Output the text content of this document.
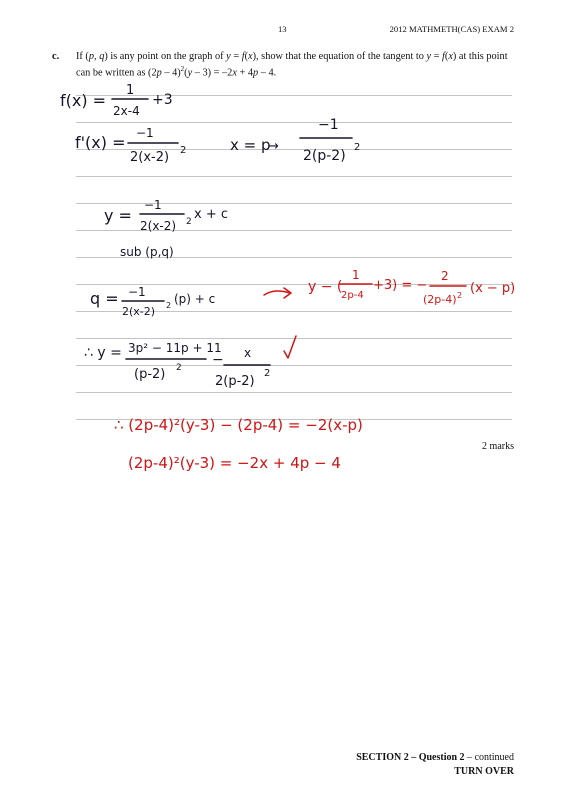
13	2012 MATHMETH(CAS) EXAM 2
c. If (p, q) is any point on the graph of y = f(x), show that the equation of the tangent to y = f(x) at this point can be written as (2p – 4)$^2$(y – 3) = –2x + 4p – 4.
f(x) =
1
2x-4
+3
f'(x) = −1
2(x-2) 2	x = p
→
−1
2(p-2)
2
y =
−1
2(x-2) 2 x + c
sub (p,q)
q = −1
2(x-2) 2 (p) + c
y − (
1
2p-4
+3) = −
2
(2p-4) 2 (x − p)
∴ y = 3p² − 11p + 11
(p-2) 2 − x
2(p-2)
2
∴ (2p-4)²(y-3) − (2p-4) = −2(x-p)
(2p-4)²(y-3) = −2x + 4p − 4
2 marks
SECTION 2 – Question 2 – continued
TURN OVER
